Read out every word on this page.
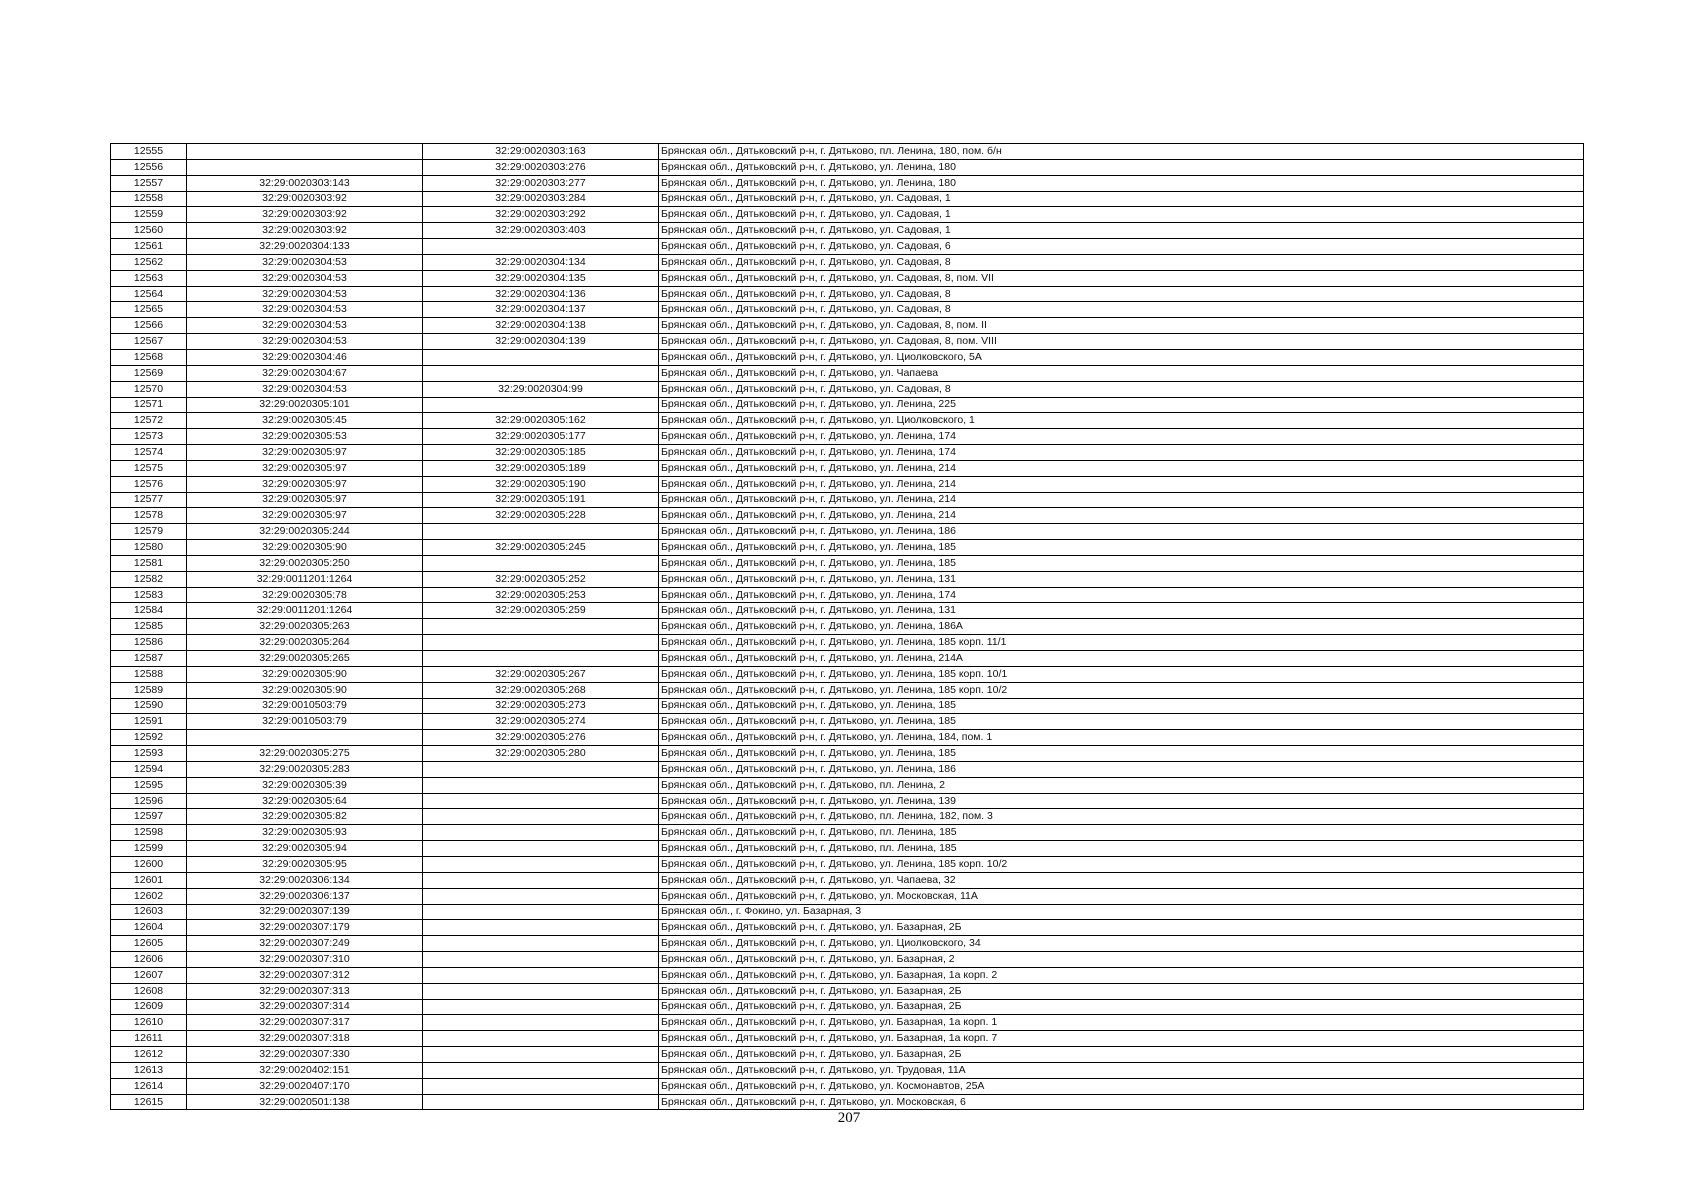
12555		32:29:0020303:163	Брянская обл., Дятьковский р-н, г. Дятьково, пл. Ленина, 180, пом. б/н
12556		32:29:0020303:276	Брянская обл., Дятьковский р-н, г. Дятьково, ул. Ленина, 180
12557	32:29:0020303:143	32:29:0020303:277	Брянская обл., Дятьковский р-н, г. Дятьково, ул. Ленина, 180
12558	32:29:0020303:92	32:29:0020303:284	Брянская обл., Дятьковский р-н, г. Дятьково, ул. Садовая, 1
12559	32:29:0020303:92	32:29:0020303:292	Брянская обл., Дятьковский р-н, г. Дятьково, ул. Садовая, 1
12560	32:29:0020303:92	32:29:0020303:403	Брянская обл., Дятьковский р-н, г. Дятьково, ул. Садовая, 1
12561	32:29:0020304:133		Брянская обл., Дятьковский р-н, г. Дятьково, ул. Садовая, 6
12562	32:29:0020304:53	32:29:0020304:134	Брянская обл., Дятьковский р-н, г. Дятьково, ул. Садовая, 8
12563	32:29:0020304:53	32:29:0020304:135	Брянская обл., Дятьковский р-н, г. Дятьково, ул. Садовая, 8, пом. VII
12564	32:29:0020304:53	32:29:0020304:136	Брянская обл., Дятьковский р-н, г. Дятьково, ул. Садовая, 8
12565	32:29:0020304:53	32:29:0020304:137	Брянская обл., Дятьковский р-н, г. Дятьково, ул. Садовая, 8
12566	32:29:0020304:53	32:29:0020304:138	Брянская обл., Дятьковский р-н, г. Дятьково, ул. Садовая, 8, пом. II
12567	32:29:0020304:53	32:29:0020304:139	Брянская обл., Дятьковский р-н, г. Дятьково, ул. Садовая, 8, пом. VIII
12568	32:29:0020304:46		Брянская обл., Дятьковский р-н, г. Дятьково, ул. Циолковского, 5А
12569	32:29:0020304:67		Брянская обл., Дятьковский р-н, г. Дятьково, ул. Чапаева
12570	32:29:0020304:53	32:29:0020304:99	Брянская обл., Дятьковский р-н, г. Дятьково, ул. Садовая, 8
12571	32:29:0020305:101		Брянская обл., Дятьковский р-н, г. Дятьково, ул. Ленина, 225
12572	32:29:0020305:45	32:29:0020305:162	Брянская обл., Дятьковский р-н, г. Дятьково, ул. Циолковского, 1
12573	32:29:0020305:53	32:29:0020305:177	Брянская обл., Дятьковский р-н, г. Дятьково, ул. Ленина, 174
12574	32:29:0020305:97	32:29:0020305:185	Брянская обл., Дятьковский р-н, г. Дятьково, ул. Ленина, 174
12575	32:29:0020305:97	32:29:0020305:189	Брянская обл., Дятьковский р-н, г. Дятьково, ул. Ленина, 214
12576	32:29:0020305:97	32:29:0020305:190	Брянская обл., Дятьковский р-н, г. Дятьково, ул. Ленина, 214
12577	32:29:0020305:97	32:29:0020305:191	Брянская обл., Дятьковский р-н, г. Дятьково, ул. Ленина, 214
12578	32:29:0020305:97	32:29:0020305:228	Брянская обл., Дятьковский р-н, г. Дятьково, ул. Ленина, 214
12579	32:29:0020305:244		Брянская обл., Дятьковский р-н, г. Дятьково, ул. Ленина, 186
12580	32:29:0020305:90	32:29:0020305:245	Брянская обл., Дятьковский р-н, г. Дятьково, ул. Ленина, 185
12581	32:29:0020305:250		Брянская обл., Дятьковский р-н, г. Дятьково, ул. Ленина, 185
12582	32:29:0011201:1264	32:29:0020305:252	Брянская обл., Дятьковский р-н, г. Дятьково, ул. Ленина, 131
12583	32:29:0020305:78	32:29:0020305:253	Брянская обл., Дятьковский р-н, г. Дятьково, ул. Ленина, 174
12584	32:29:0011201:1264	32:29:0020305:259	Брянская обл., Дятьковский р-н, г. Дятьково, ул. Ленина, 131
12585	32:29:0020305:263		Брянская обл., Дятьковский р-н, г. Дятьково, ул. Ленина, 186А
12586	32:29:0020305:264		Брянская обл., Дятьковский р-н, г. Дятьково, ул. Ленина, 185 корп. 11/1
12587	32:29:0020305:265		Брянская обл., Дятьковский р-н, г. Дятьково, ул. Ленина, 214А
12588	32:29:0020305:90	32:29:0020305:267	Брянская обл., Дятьковский р-н, г. Дятьково, ул. Ленина, 185 корп. 10/1
12589	32:29:0020305:90	32:29:0020305:268	Брянская обл., Дятьковский р-н, г. Дятьково, ул. Ленина, 185 корп. 10/2
12590	32:29:0010503:79	32:29:0020305:273	Брянская обл., Дятьковский р-н, г. Дятьково, ул. Ленина, 185
12591	32:29:0010503:79	32:29:0020305:274	Брянская обл., Дятьковский р-н, г. Дятьково, ул. Ленина, 185
12592		32:29:0020305:276	Брянская обл., Дятьковский р-н, г. Дятьково, ул. Ленина, 184, пом. 1
12593	32:29:0020305:275	32:29:0020305:280	Брянская обл., Дятьковский р-н, г. Дятьково, ул. Ленина, 185
12594	32:29:0020305:283		Брянская обл., Дятьковский р-н, г. Дятьково, ул. Ленина, 186
12595	32:29:0020305:39		Брянская обл., Дятьковский р-н, г. Дятьково, пл. Ленина, 2
12596	32:29:0020305:64		Брянская обл., Дятьковский р-н, г. Дятьково, ул. Ленина, 139
12597	32:29:0020305:82		Брянская обл., Дятьковский р-н, г. Дятьково, пл. Ленина, 182, пом. 3
12598	32:29:0020305:93		Брянская обл., Дятьковский р-н, г. Дятьково, пл. Ленина, 185
12599	32:29:0020305:94		Брянская обл., Дятьковский р-н, г. Дятьково, пл. Ленина, 185
12600	32:29:0020305:95		Брянская обл., Дятьковский р-н, г. Дятьково, ул. Ленина, 185 корп. 10/2
12601	32:29:0020306:134		Брянская обл., Дятьковский р-н, г. Дятьково, ул. Чапаева, 32
12602	32:29:0020306:137		Брянская обл., Дятьковский р-н, г. Дятьково, ул. Московская, 11А
12603	32:29:0020307:139		Брянская обл., г. Фокино, ул. Базарная, 3
12604	32:29:0020307:179		Брянская обл., Дятьковский р-н, г. Дятьково, ул. Базарная, 2Б
12605	32:29:0020307:249		Брянская обл., Дятьковский р-н, г. Дятьково, ул. Циолковского, 34
12606	32:29:0020307:310		Брянская обл., Дятьковский р-н, г. Дятьково, ул. Базарная, 2
12607	32:29:0020307:312		Брянская обл., Дятьковский р-н, г. Дятьково, ул. Базарная, 1а корп. 2
12608	32:29:0020307:313		Брянская обл., Дятьковский р-н, г. Дятьково, ул. Базарная, 2Б
12609	32:29:0020307:314		Брянская обл., Дятьковский р-н, г. Дятьково, ул. Базарная, 2Б
12610	32:29:0020307:317		Брянская обл., Дятьковский р-н, г. Дятьково, ул. Базарная, 1а корп. 1
12611	32:29:0020307:318		Брянская обл., Дятьковский р-н, г. Дятьково, ул. Базарная, 1а корп. 7
12612	32:29:0020307:330		Брянская обл., Дятьковский р-н, г. Дятьково, ул. Базарная, 2Б
12613	32:29:0020402:151		Брянская обл., Дятьковский р-н, г. Дятьково, ул. Трудовая, 11А
12614	32:29:0020407:170		Брянская обл., Дятьковский р-н, г. Дятьково, ул. Космонавтов, 25А
12615	32:29:0020501:138		Брянская обл., Дятьковский р-н, г. Дятьково, ул. Московская, 6
207
